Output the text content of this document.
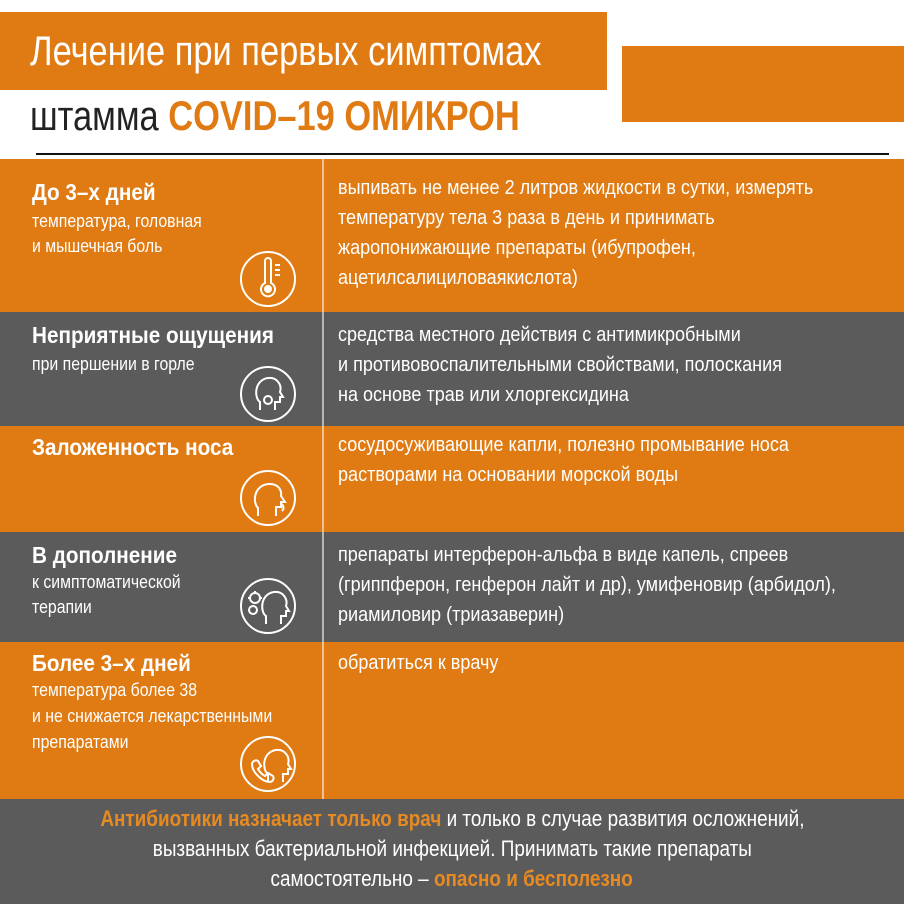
Лечение при первых симптомах
штамма COVID–19 ОМИКРОН
До 3–х дней
температура, головная
и мышечная боль
выпивать не менее 2 литров жидкости в сутки, измерять
температуру тела 3 раза в день и принимать
жаропонижающие препараты (ибупрофен,
ацетилсалициловаякислота)
Неприятные ощущения
при першении в горле
средства местного действия с антимикробными
и противовоспалительными свойствами, полоскания
на основе трав или хлоргексидина
Заложенность носа	сосудосуживающие капли, полезно промывание носа
растворами на основании морской воды
В дополнение
к симптоматической
терапии
препараты интерферон-альфа в виде капель, спреев
(гриппферон, генферон лайт и др), умифеновир (арбидол),
риамиловир (триазаверин)
Более 3–х дней
температура более 38
и не снижается лекарственными
препаратами
обратиться к врачу
Антибиотики назначает только врач и только в случае развития осложнений,
вызванных бактериальной инфекцией. Принимать такие препараты
самостоятельно – опасно и бесполезно
